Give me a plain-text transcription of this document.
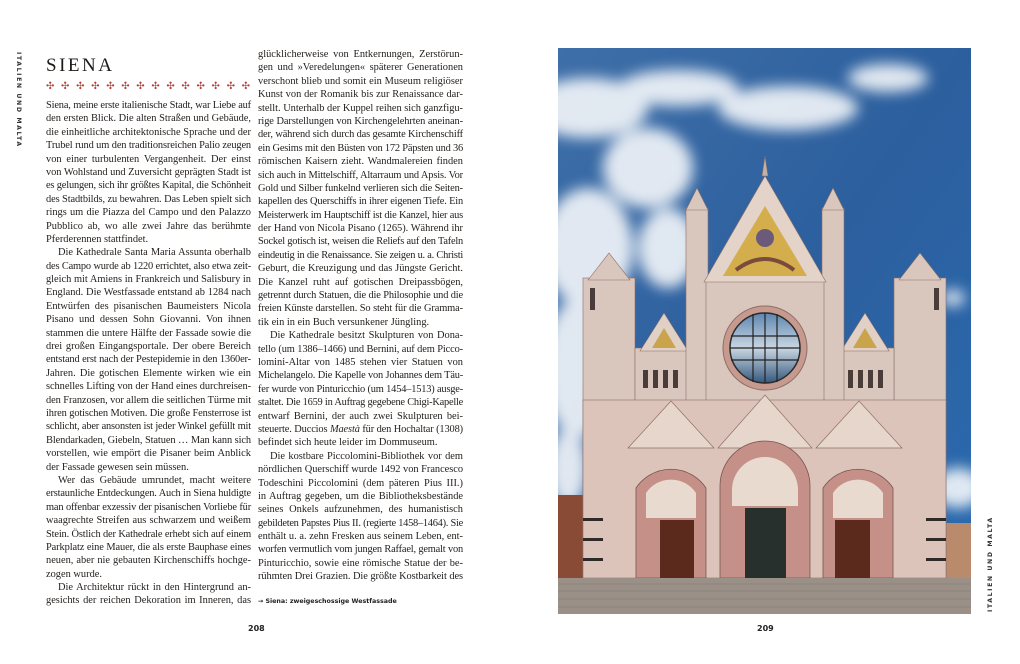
ITALIEN UND MALTA
ITALIEN UND MALTA
SIENA
✣ ✣ ✣ ✣ ✣ ✣ ✣ ✣ ✣ ✣ ✣ ✣ ✣ ✣
Siena, meine erste italienische Stadt, war Liebe auf
den ersten Blick. Die alten Straßen und Gebäude,
die einheitliche architektonische Sprache und der
Trubel rund um den traditionsreichen Palio zeugen
von einer turbulenten Vergangenheit. Der einst
von Wohlstand und Zuversicht geprägten Stadt ist
es gelungen, sich ihr größtes Kapital, die Schönheit
des Stadtbilds, zu bewahren. Das Leben spielt sich
rings um die Piazza del Campo und den Palazzo
Pubblico ab, wo alle zwei Jahre das berühmte
Pferderennen stattfindet.
Die Kathedrale Santa Maria Assunta oberhalb
des Campo wurde ab 1220 errichtet, also etwa zeit-
gleich mit Amiens in Frankreich und Salisbury in
England. Die Westfassade entstand ab 1284 nach
Entwürfen des pisanischen Baumeisters Nicola
Pisano und dessen Sohn Giovanni. Von ihnen
stammen die untere Hälfte der Fassade sowie die
drei großen Eingangsportale. Der obere Bereich
entstand erst nach der Pestepidemie in den 1360er-
Jahren. Die gotischen Elemente wirken wie ein
schnelles Lifting von der Hand eines durchreisen-
den Franzosen, vor allem die seitlichen Türme mit
ihren gotischen Motiven. Die große Fensterrose ist
schlicht, aber ansonsten ist jeder Winkel gefüllt mit
Blendarkaden, Giebeln, Statuen … Man kann sich
vorstellen, wie empört die Pisaner beim Anblick
der Fassade gewesen sein müssen.
Wer das Gebäude umrundet, macht weitere
erstaunliche Entdeckungen. Auch in Siena huldigte
man offenbar exzessiv der pisanischen Vorliebe für
waagrechte Streifen aus schwarzem und weißem
Stein. Östlich der Kathedrale erhebt sich auf einem
Parkplatz eine Mauer, die als erste Bauphase eines
neuen, aber nie gebauten Kirchenschiffs hochge-
zogen wurde.
Die Architektur rückt in den Hintergrund an-
gesichts der reichen Dekoration im Inneren, das
glücklicherweise von Entkernungen, Zerstörun-
gen und »Veredelungen« späterer Generationen
verschont blieb und somit ein Museum religiöser
Kunst von der Romanik bis zur Renaissance dar-
stellt. Unterhalb der Kuppel reihen sich ganzfigu-
rige Darstellungen von Kirchengelehrten aneinan-
der, während sich durch das gesamte Kirchenschiff
ein Gesims mit den Büsten von 172 Päpsten und 36
römischen Kaisern zieht. Wandmalereien finden
sich auch in Mittelschiff, Altarraum und Apsis. Vor
Gold und Silber funkelnd verlieren sich die Seiten-
kapellen des Querschiffs in ihrer eigenen Tiefe. Ein
Meisterwerk im Hauptschiff ist die Kanzel, hier aus
der Hand von Nicola Pisano (1265). Während ihr
Sockel gotisch ist, weisen die Reliefs auf den Tafeln
eindeutig in die Renaissance. Sie zeigen u. a. Christi
Geburt, die Kreuzigung und das Jüngste Gericht.
Die Kanzel ruht auf gotischen Dreipassbögen,
getrennt durch Statuen, die die Philosophie und die
freien Künste darstellen. So steht für die Gramma-
tik ein in ein Buch versunkener Jüngling.
Die Kathedrale besitzt Skulpturen von Dona-
tello (um 1386–1466) und Bernini, auf dem Picco-
lomini-Altar von 1485 stehen vier Statuen von
Michelangelo. Die Kapelle von Johannes dem Täu-
fer wurde von Pinturicchio (um 1454–1513) ausge-
staltet. Die 1659 in Auftrag gegebene Chigi-Kapelle
entwarf Bernini, der auch zwei Skulpturen bei-
steuerte. Duccios Maestà für den Hochaltar (1308)
befindet sich heute leider im Dommuseum.
Die kostbare Piccolomini-Bibliothek vor dem
nördlichen Querschiff wurde 1492 von Francesco
Todeschini Piccolomini (dem päteren Pius III.)
in Auftrag gegeben, um die Bibliotheksbestände
seines Onkels aufzunehmen, des humanistisch
gebildeten Papstes Pius II. (regierte 1458–1464). Sie
enthält u. a. zehn Fresken aus seinem Leben, ent-
worfen vermutlich vom jungen Raffael, gemalt von
Pinturicchio, sowie eine römische Statue der be-
rühmten Drei Grazien. Die größte Kostbarkeit des
→ Siena: zweigeschossige Westfassade
208	209
